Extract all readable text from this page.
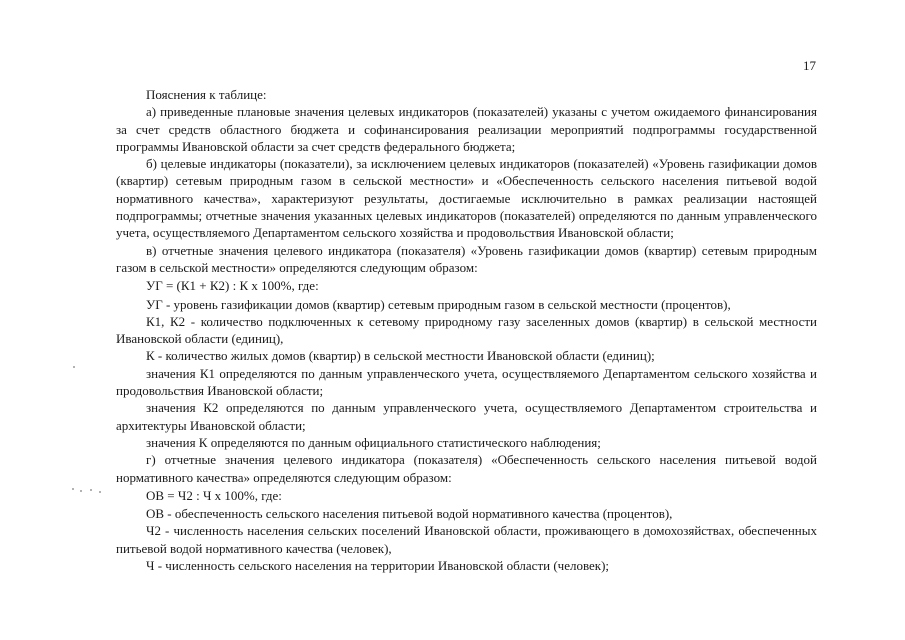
17

Пояснения к таблице:

а) приведенные плановые значения целевых индикаторов (показателей) указаны с учетом ожидаемого финансирования за счет средств областного бюджета и софинансирования реализации мероприятий подпрограммы государственной программы Ивановской области за счет средств федерального бюджета;

б) целевые индикаторы (показатели), за исключением целевых индикаторов (показателей) «Уровень газификации домов (квартир) сетевым природным газом в сельской местности» и «Обеспеченность сельского населения питьевой водой нормативного качества», характеризуют результаты, достигаемые исключительно в рамках реализации настоящей подпрограммы; отчетные значения указанных целевых индикаторов (показателей) определяются по данным управленческого учета, осуществляемого Департаментом сельского хозяйства и продовольствия Ивановской области;

в) отчетные значения целевого индикатора (показателя) «Уровень газификации домов (квартир) сетевым природным газом в сельской местности» определяются следующим образом:

УГ = (К1 + К2) : К х 100%, где:

УГ - уровень газификации домов (квартир) сетевым природным газом в сельской местности (процентов),

К1, К2 - количество подключенных к сетевому природному газу заселенных домов (квартир) в сельской местности Ивановской области (единиц),

К - количество жилых домов (квартир) в сельской местности Ивановской области (единиц);

значения К1 определяются по данным управленческого учета, осуществляемого Департаментом сельского хозяйства и продовольствия Ивановской области;

значения К2 определяются по данным управленческого учета, осуществляемого Департаментом строительства и архитектуры Ивановской области;

значения К определяются по данным официального статистического наблюдения;

г) отчетные значения целевого индикатора (показателя) «Обеспеченность сельского населения питьевой водой нормативного качества» определяются следующим образом:

ОВ = Ч2 : Ч х 100%, где:

ОВ - обеспеченность сельского населения питьевой водой нормативного качества (процентов),

Ч2 - численность населения сельских поселений Ивановской области, проживающего в домохозяйствах, обеспеченных питьевой водой нормативного качества (человек),

Ч - численность сельского населения на территории Ивановской области (человек);
